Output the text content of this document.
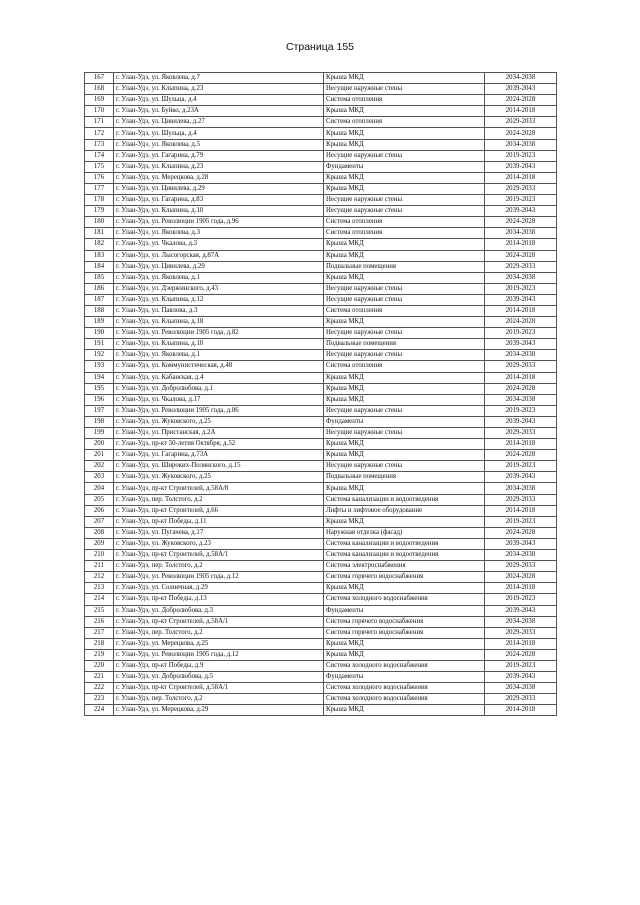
Страница 155
167	г. Улан-Удэ, ул. Яковлева, д.7	Крыша МКД	2034-2038
168	г. Улан-Удэ, ул. Клыпина, д.23	Несущие наружные стены	2039-2043
169	г. Улан-Удэ, ул. Шульца, д.4	Система отопления	2024-2028
170	г. Улан-Удэ, ул. Буйко, д.23А	Крыша МКД	2014-2018
171	г. Улан-Удэ, ул. Цивилева, д.27	Система отопления	2029-2033
172	г. Улан-Удэ, ул. Шульца, д.4	Крыша МКД	2024-2028
173	г. Улан-Удэ, ул. Яковлева, д.5	Крыша МКД	2034-2038
174	г. Улан-Удэ, ул. Гагарина, д.79	Несущие наружные стены	2019-2023
175	г. Улан-Удэ, ул. Клыпина, д.23	Фундаменты	2039-2043
176	г. Улан-Удэ, ул. Мерецкова, д.28	Крыша МКД	2014-2018
177	г. Улан-Удэ, ул. Цивилева, д.29	Крыша МКД	2029-2033
178	г. Улан-Удэ, ул. Гагарина, д.83	Несущие наружные стены	2019-2023
179	г. Улан-Удэ, ул. Клыпина, д.10	Несущие наружные стены	2039-2043
180	г. Улан-Удэ, ул. Революции 1905 года, д.96	Система отопления	2024-2028
181	г. Улан-Удэ, ул. Яковлева, д.3	Система отопления	2034-2038
182	г. Улан-Удэ, ул. Чкалова, д.3	Крыша МКД	2014-2018
183	г. Улан-Удэ, ул. Лысогорская, д.87А	Крыша МКД	2024-2028
184	г. Улан-Удэ, ул. Цивилева, д.29	Подвальные помещения	2029-2033
185	г. Улан-Удэ, ул. Яковлева, д.1	Крыша МКД	2034-2038
186	г. Улан-Удэ, ул. Дзержинского, д.43	Несущие наружные стены	2019-2023
187	г. Улан-Удэ, ул. Клыпина, д.12	Несущие наружные стены	2039-2043
188	г. Улан-Удэ, ул. Павлова, д.3	Система отопления	2014-2018
189	г. Улан-Удэ, ул. Клыпина, д.18	Крыша МКД	2024-2028
190	г. Улан-Удэ, ул. Революции 1905 года, д.82	Несущие наружные стены	2019-2023
191	г. Улан-Удэ, ул. Клыпина, д.10	Подвальные помещения	2039-2043
192	г. Улан-Удэ, ул. Яковлева, д.1	Несущие наружные стены	2034-2038
193	г. Улан-Удэ, ул. Коммунистическая, д.48	Система отопления	2029-2033
194	г. Улан-Удэ, ул. Кабанская, д.4	Крыша МКД	2014-2018
195	г. Улан-Удэ, ул. Добролюбова, д.1	Крыша МКД	2024-2028
196	г. Улан-Удэ, ул. Чкалова, д.17	Крыша МКД	2034-2038
197	г. Улан-Удэ, ул. Революции 1905 года, д.86	Несущие наружные стены	2019-2023
198	г. Улан-Удэ, ул. Жуковского, д.25	Фундаменты	2039-2043
199	г. Улан-Удэ, ул. Пристанская, д.2А	Несущие наружные стены	2029-2033
200	г. Улан-Удэ, пр-кт 50-летия Октября, д.52	Крыша МКД	2014-2018
201	г. Улан-Удэ, ул. Гагарина, д.73А	Крыша МКД	2024-2028
202	г. Улан-Удэ, ул. Широких-Полянского, д.15	Несущие наружные стены	2019-2023
203	г. Улан-Удэ, ул. Жуковского, д.25	Подвальные помещения	2039-2043
204	г. Улан-Удэ, пр-кт Строителей, д.58А/8	Крыша МКД	2034-2038
205	г. Улан-Удэ, пер. Толстого, д.2	Система канализации и водоотведения	2029-2033
206	г. Улан-Удэ, пр-кт Строителей, д.66	Лифты и лифтовое оборудование	2014-2018
207	г. Улан-Удэ, пр-кт Победы, д.11	Крыша МКД	2019-2023
208	г. Улан-Удэ, ул. Пугачева, д.17	Наружная отделка (фасад)	2024-2028
209	г. Улан-Удэ, ул. Жуковского, д.23	Система канализации и водоотведения	2039-2043
210	г. Улан-Удэ, пр-кт Строителей, д.58А/1	Система канализации и водоотведения	2034-2038
211	г. Улан-Удэ, пер. Толстого, д.2	Система электроснабжения	2029-2033
212	г. Улан-Удэ, ул. Революции 1905 года, д.12	Система горячего водоснабжения	2024-2028
213	г. Улан-Удэ, ул. Солнечная, д.29	Крыша МКД	2014-2018
214	г. Улан-Удэ, пр-кт Победы, д.13	Система холодного водоснабжения	2019-2023
215	г. Улан-Удэ, ул. Добролюбова, д.3	Фундаменты	2039-2043
216	г. Улан-Удэ, пр-кт Строителей, д.58А/1	Система горячего водоснабжения	2034-2038
217	г. Улан-Удэ, пер. Толстого, д.2	Система горячего водоснабжения	2029-2033
218	г. Улан-Удэ, ул. Мерецкова, д.25	Крыша МКД	2014-2018
219	г. Улан-Удэ, ул. Революции 1905 года, д.12	Крыша МКД	2024-2028
220	г. Улан-Удэ, пр-кт Победы, д.9	Система холодного водоснабжения	2019-2023
221	г. Улан-Удэ, ул. Добролюбова, д.5	Фундаменты	2039-2043
222	г. Улан-Удэ, пр-кт Строителей, д.58А/1	Система холодного водоснабжения	2034-2038
223	г. Улан-Удэ, пер. Толстого, д.2	Система холодного водоснабжения	2029-2033
224	г. Улан-Удэ, ул. Мерецкова, д.29	Крыша МКД	2014-2018
